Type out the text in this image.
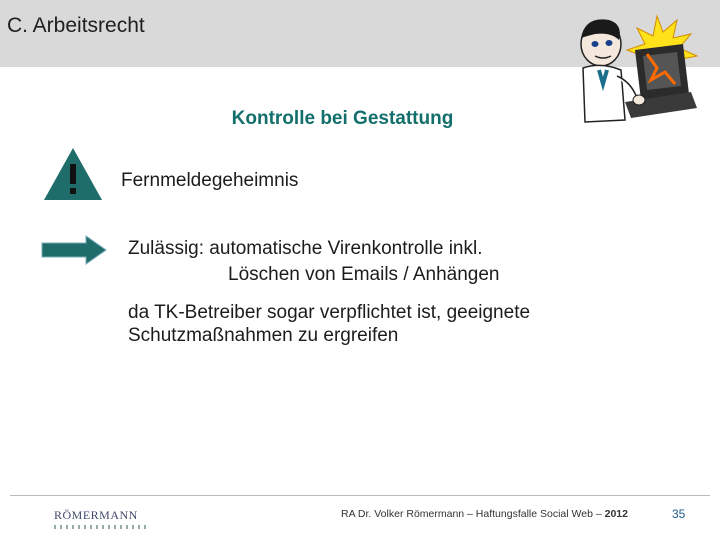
C. Arbeitsrecht
Kontrolle bei Gestattung
Fernmeldegeheimnis
Zulässig: automatische Virenkontrolle inkl.
Löschen von Emails / Anhängen
da TK-Betreiber sogar verpflichtet ist, geeignete
Schutzmaßnahmen zu ergreifen
RÖMERMANN	RA Dr. Volker Römermann – Haftungsfalle Social Web – 2012	35
